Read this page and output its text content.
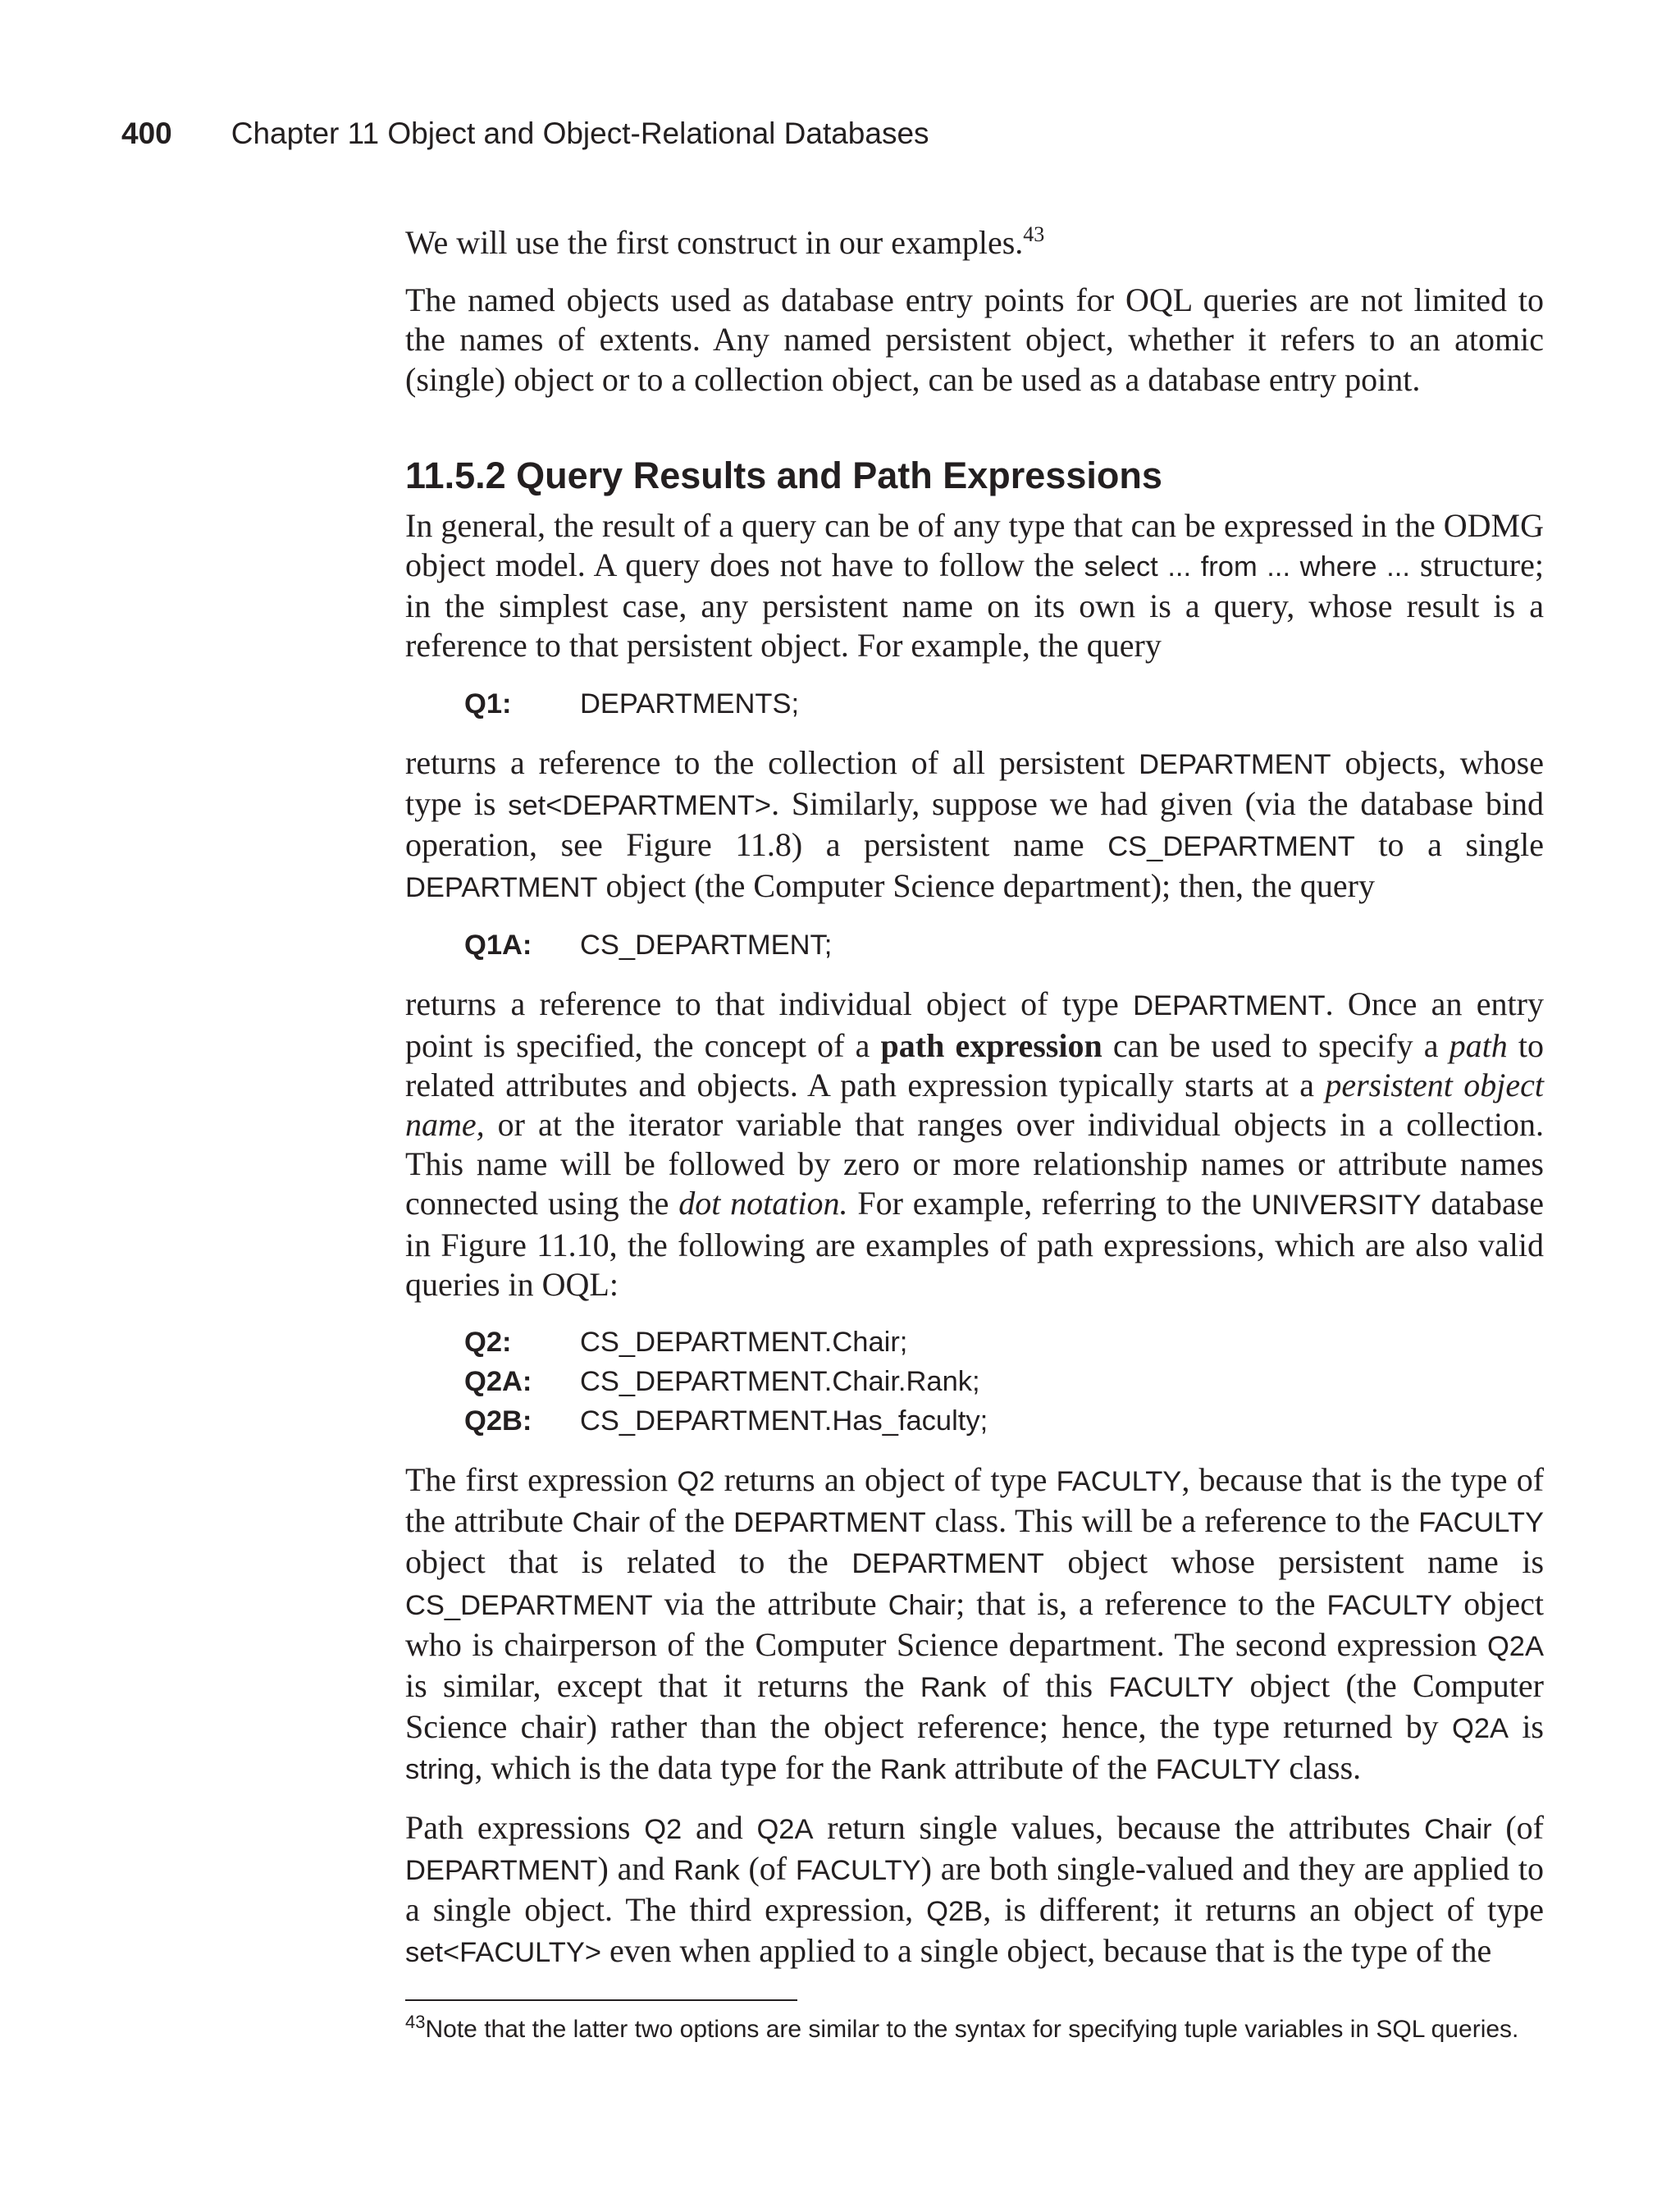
400 Chapter 11 Object and Object-Relational Databases

We will use the first construct in our examples.$^{43}$

The named objects used as database entry points for OQL queries are not limited to the names of extents. Any named persistent object, whether it refers to an atomic (single) object or to a collection object, can be used as a database entry point.

11.5.2 Query Results and Path Expressions

In general, the result of a query can be of any type that can be expressed in the ODMG object model. A query does not have to follow the select ... from ... where ... structure; in the simplest case, any persistent name on its own is a query, whose result is a reference to that persistent object. For example, the query

Q1:	DEPARTMENTS;

returns a reference to the collection of all persistent DEPARTMENT objects, whose type is set<DEPARTMENT>. Similarly, suppose we had given (via the database bind operation, see Figure 11.8) a persistent name CS_DEPARTMENT to a single DEPARTMENT object (the Computer Science department); then, the query

Q1A:	CS_DEPARTMENT;

returns a reference to that individual object of type DEPARTMENT. Once an entry point is specified, the concept of a path expression can be used to specify a path to related attributes and objects. A path expression typically starts at a persistent object name, or at the iterator variable that ranges over individual objects in a collection. This name will be followed by zero or more relationship names or attribute names connected using the dot notation. For example, referring to the UNIVERSITY database in Figure 11.10, the following are examples of path expressions, which are also valid queries in OQL:

Q2:	CS_DEPARTMENT.Chair;
Q2A:	CS_DEPARTMENT.Chair.Rank;
Q2B:	CS_DEPARTMENT.Has_faculty;

The first expression Q2 returns an object of type FACULTY, because that is the type of the attribute Chair of the DEPARTMENT class. This will be a reference to the FACULTY object that is related to the DEPARTMENT object whose persistent name is CS_DEPARTMENT via the attribute Chair; that is, a reference to the FACULTY object who is chairperson of the Computer Science department. The second expression Q2A is similar, except that it returns the Rank of this FACULTY object (the Computer Science chair) rather than the object reference; hence, the type returned by Q2A is string, which is the data type for the Rank attribute of the FACULTY class.

Path expressions Q2 and Q2A return single values, because the attributes Chair (of DEPARTMENT) and Rank (of FACULTY) are both single-valued and they are applied to a single object. The third expression, Q2B, is different; it returns an object of type set<FACULTY> even when applied to a single object, because that is the type of the

$^{43}$Note that the latter two options are similar to the syntax for specifying tuple variables in SQL queries.
